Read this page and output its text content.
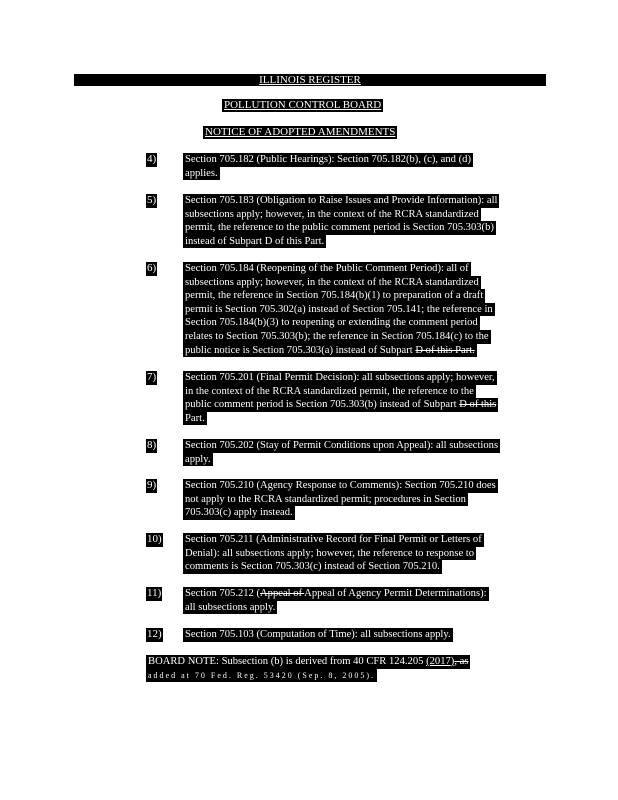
ILLINOIS REGISTER
POLLUTION CONTROL BOARD
NOTICE OF ADOPTED AMENDMENTS
4)	Section 705.182 (Public Hearings): Section 705.182(b), (c), and (d)
applies.
5)	Section 705.183 (Obligation to Raise Issues and Provide Information): all
subsections apply; however, in the context of the RCRA standardized
permit, the reference to the public comment period is Section 705.303(b)
instead of Subpart D of this Part.
6)	Section 705.184 (Reopening of the Public Comment Period): all of
subsections apply; however, in the context of the RCRA standardized
permit, the reference in Section 705.184(b)(1) to preparation of a draft
permit is Section 705.302(a) instead of Section 705.141; the reference in
Section 705.184(b)(3) to reopening or extending the comment period
relates to Section 705.303(b); the reference in Section 705.184(c) to the
public notice is Section 705.303(a) instead of Subpart D of this Part.
7)	Section 705.201 (Final Permit Decision): all subsections apply; however,
in the context of the RCRA standardized permit, the reference to the
public comment period is Section 705.303(b) instead of Subpart D of this
Part.
8)	Section 705.202 (Stay of Permit Conditions upon Appeal): all subsections
apply.
9)	Section 705.210 (Agency Response to Comments): Section 705.210 does
not apply to the RCRA standardized permit; procedures in Section
705.303(c) apply instead.
10) Section 705.211 (Administrative Record for Final Permit or Letters of
Denial): all subsections apply; however, the reference to response to
comments is Section 705.303(c) instead of Section 705.210.
11) Section 705.212 (Appeal of Appeal of Agency Permit Determinations):
all subsections apply.
12) Section 705.103 (Computation of Time): all subsections apply.
BOARD NOTE: Subsection (b) is derived from 40 CFR 124.205 (2017), as
added at 70 Fed. Reg. 53420 (Sep. 8, 2005).
